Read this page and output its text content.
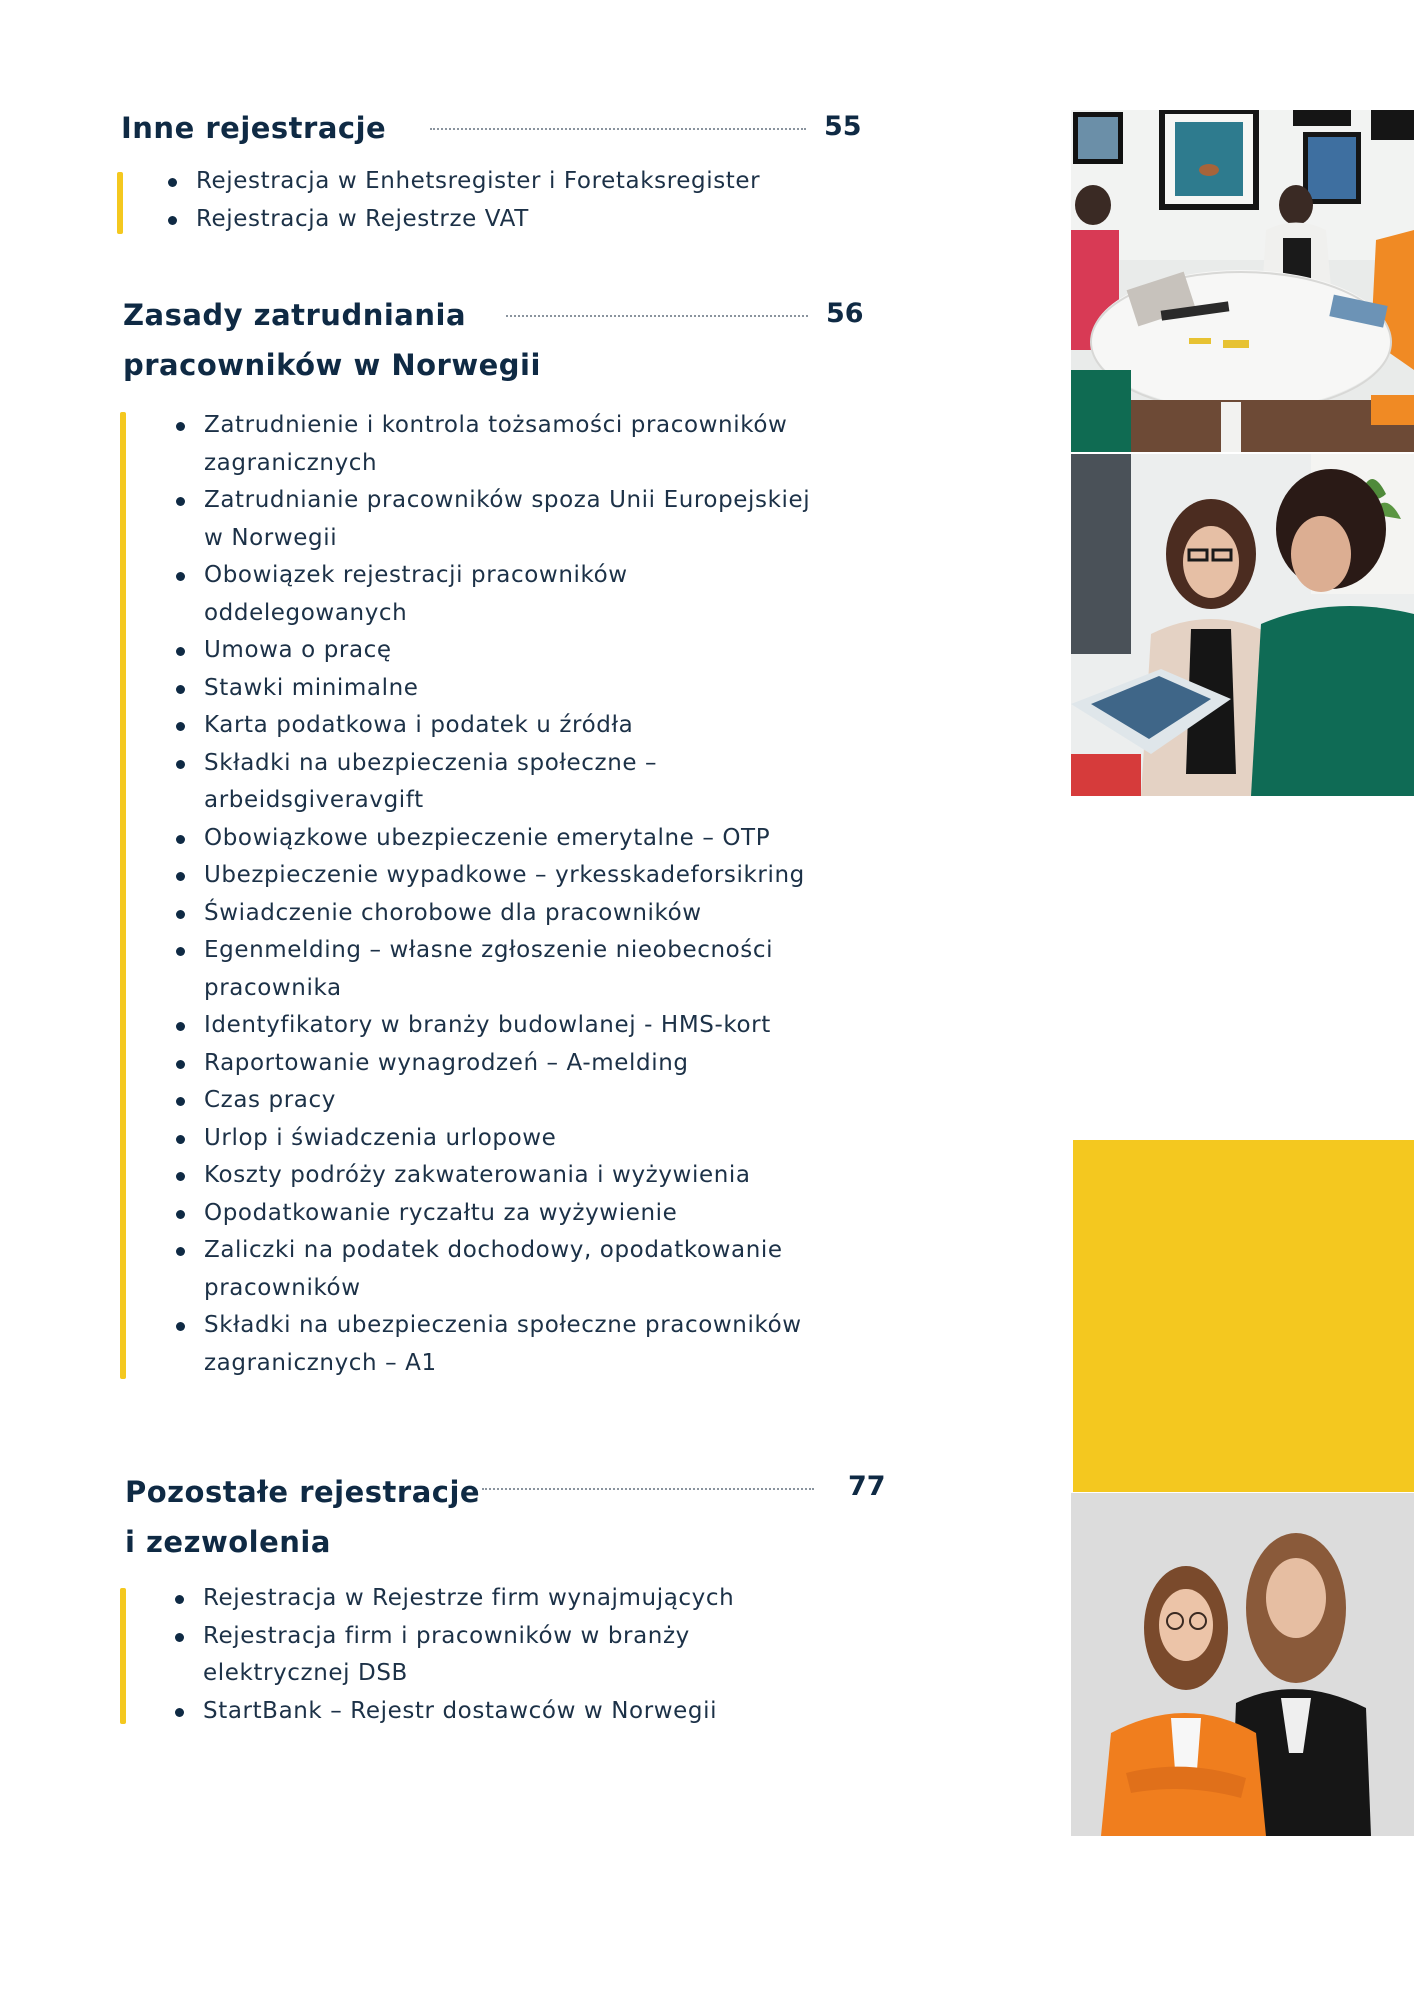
Inne rejestracje	55
Rejestracja w Enhetsregister i Foretaksregister
Rejestracja w Rejestrze VAT
Zasady zatrudniania
pracowników w Norwegii
56
Zatrudnienie i kontrola tożsamości pracowników
zagranicznych
Zatrudnianie pracowników spoza Unii Europejskiej
w Norwegii
Obowiązek rejestracji pracowników
oddelegowanych
Umowa o pracę
Stawki minimalne
Karta podatkowa i podatek u źródła
Składki na ubezpieczenia społeczne –
arbeidsgiveravgift
Obowiązkowe ubezpieczenie emerytalne – OTP
Ubezpieczenie wypadkowe – yrkesskadeforsikring
Świadczenie chorobowe dla pracowników
Egenmelding – własne zgłoszenie nieobecności
pracownika
Identyfikatory w branży budowlanej - HMS-kort
Raportowanie wynagrodzeń – A-melding
Czas pracy
Urlop i świadczenia urlopowe
Koszty podróży zakwaterowania i wyżywienia
Opodatkowanie ryczałtu za wyżywienie
Zaliczki na podatek dochodowy, opodatkowanie
pracowników
Składki na ubezpieczenia społeczne pracowników
zagranicznych – A1
Pozostałe rejestracje
i zezwolenia
77
Rejestracja w Rejestrze firm wynajmujących
Rejestracja firm i pracowników w branży
elektrycznej DSB
StartBank – Rejestr dostawców w Norwegii
